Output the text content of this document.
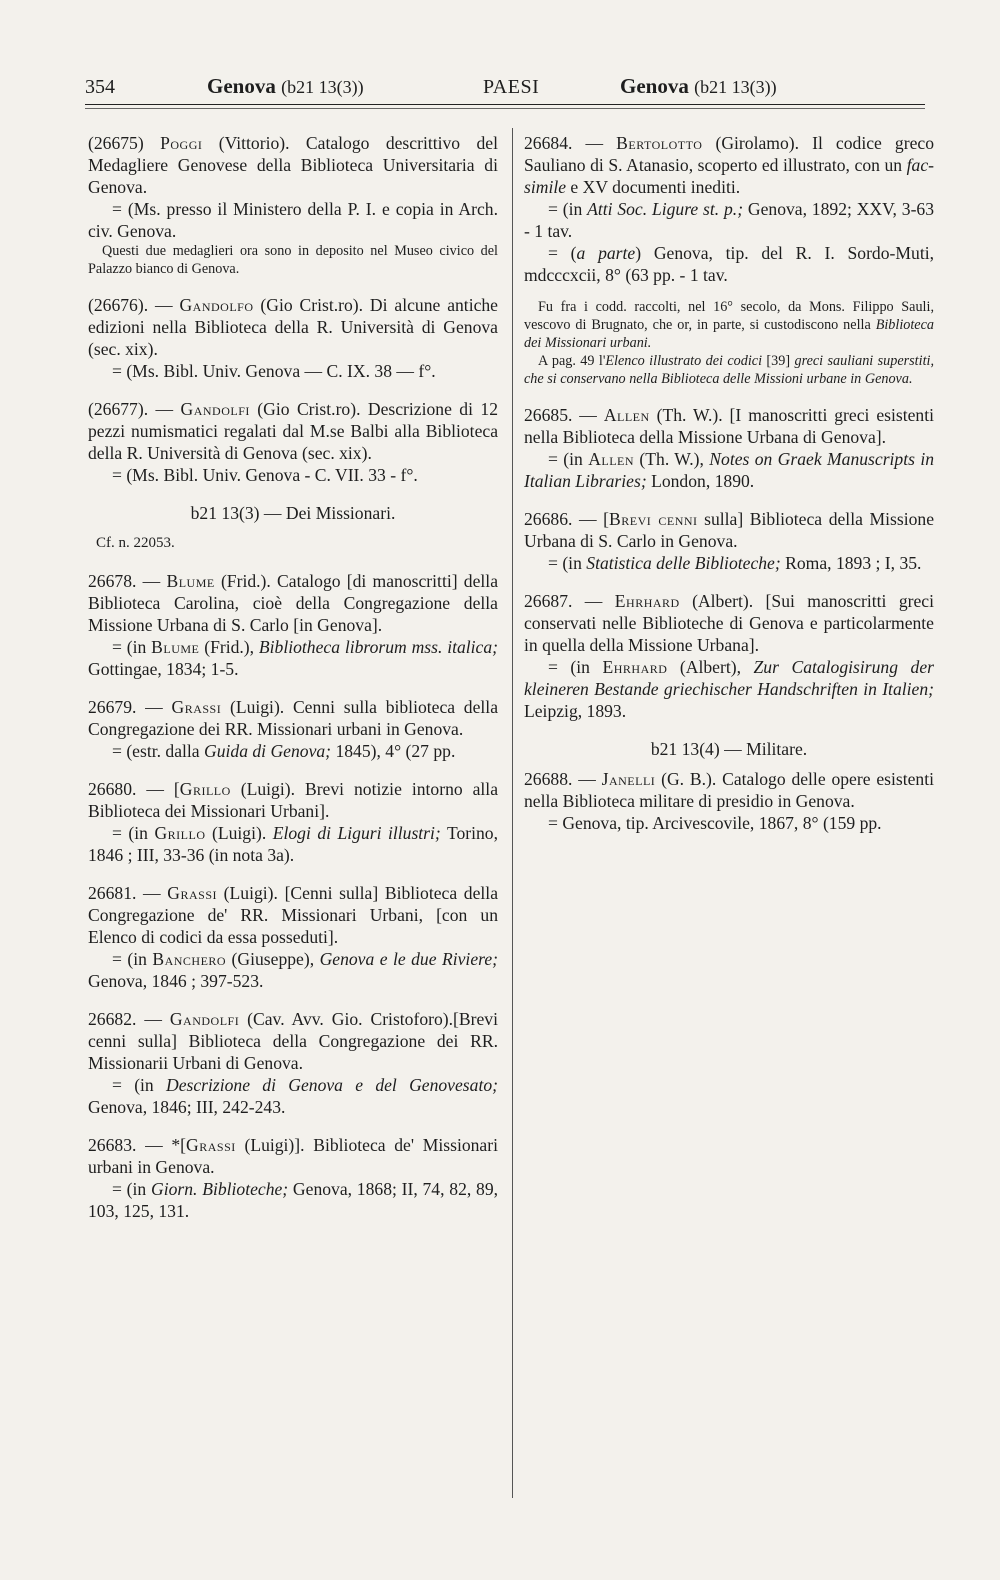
354	Genova (b21 13(3))	PAESI	Genova (b21 13(3))

(26675) Poggi (Vittorio). Catalogo descrittivo del Medagliere Genovese della Biblioteca Universitaria di Genova.

= (Ms. presso il Ministero della P. I. e copia in Arch. civ. Genova.

Questi due medaglieri ora sono in deposito nel Museo civico del Palazzo bianco di Genova.

(26676). — Gandolfo (Gio Crist.ro). Di alcune antiche edizioni nella Biblioteca della R. Università di Genova (sec. xix).

= (Ms. Bibl. Univ. Genova — C. IX. 38 — f°.

(26677). — Gandolfi (Gio Crist.ro). Descrizione di 12 pezzi numismatici regalati dal M.se Balbi alla Biblioteca della R. Università di Genova (sec. xix).

= (Ms. Bibl. Univ. Genova - C. VII. 33 - f°.

b21 13(3) — Dei Missionari.
Cf. n. 22053.

26678. — Blume (Frid.). Catalogo [di manoscritti] della Biblioteca Carolina, cioè della Congregazione della Missione Urbana di S. Carlo [in Genova].

= (in Blume (Frid.), Bibliotheca librorum mss. italica; Gottingae, 1834; 1-5.

26679. — Grassi (Luigi). Cenni sulla biblioteca della Congregazione dei RR. Missionari urbani in Genova.

= (estr. dalla Guida di Genova; 1845), 4° (27 pp.

26680. — [Grillo (Luigi). Brevi notizie intorno alla Biblioteca dei Missionari Urbani].

= (in Grillo (Luigi). Elogi di Liguri illustri; Torino, 1846 ; III, 33-36 (in nota 3a).

26681. — Grassi (Luigi). [Cenni sulla] Biblioteca della Congregazione de' RR. Missionari Urbani, [con un Elenco di codici da essa posseduti].

= (in Banchero (Giuseppe), Genova e le due Riviere; Genova, 1846 ; 397-523.

26682. — Gandolfi (Cav. Avv. Gio. Cristoforo).[Brevi cenni sulla] Biblioteca della Congregazione dei RR. Missionarii Urbani di Genova.

= (in Descrizione di Genova e del Genovesato; Genova, 1846; III, 242-243.

26683. — *[Grassi (Luigi)]. Biblioteca de' Missionari urbani in Genova.

= (in Giorn. Biblioteche; Genova, 1868; II, 74, 82, 89, 103, 125, 131.

26684. — Bertolotto (Girolamo). Il codice greco Sauliano di S. Atanasio, scoperto ed illustrato, con un fac-simile e XV documenti inediti.

= (in Atti Soc. Ligure st. p.; Genova, 1892; XXV, 3-63 - 1 tav.

= (a parte) Genova, tip. del R. I. Sordo-Muti, mdcccxcii, 8° (63 pp. - 1 tav.

Fu fra i codd. raccolti, nel 16° secolo, da Mons. Filippo Sauli, vescovo di Brugnato, che or, in parte, si custodiscono nella Biblioteca dei Missionari urbani.

A pag. 49 l'Elenco illustrato dei codici [39] greci sauliani superstiti, che si conservano nella Biblioteca delle Missioni urbane in Genova.

26685. — Allen (Th. W.). [I manoscritti greci esistenti nella Biblioteca della Missione Urbana di Genova].

= (in Allen (Th. W.), Notes on Graek Manuscripts in Italian Libraries; London, 1890.

26686. — [Brevi cenni sulla] Biblioteca della Missione Urbana di S. Carlo in Genova.

= (in Statistica delle Biblioteche; Roma, 1893 ; I, 35.

26687. — Ehrhard (Albert). [Sui manoscritti greci conservati nelle Biblioteche di Genova e particolarmente in quella della Missione Urbana].

= (in Ehrhard (Albert), Zur Catalogisirung der kleineren Bestande griechischer Handschriften in Italien; Leipzig, 1893.

b21 13(4) — Militare.

26688. — Janelli (G. B.). Catalogo delle opere esistenti nella Biblioteca militare di presidio in Genova.

= Genova, tip. Arcivescovile, 1867, 8° (159 pp.
